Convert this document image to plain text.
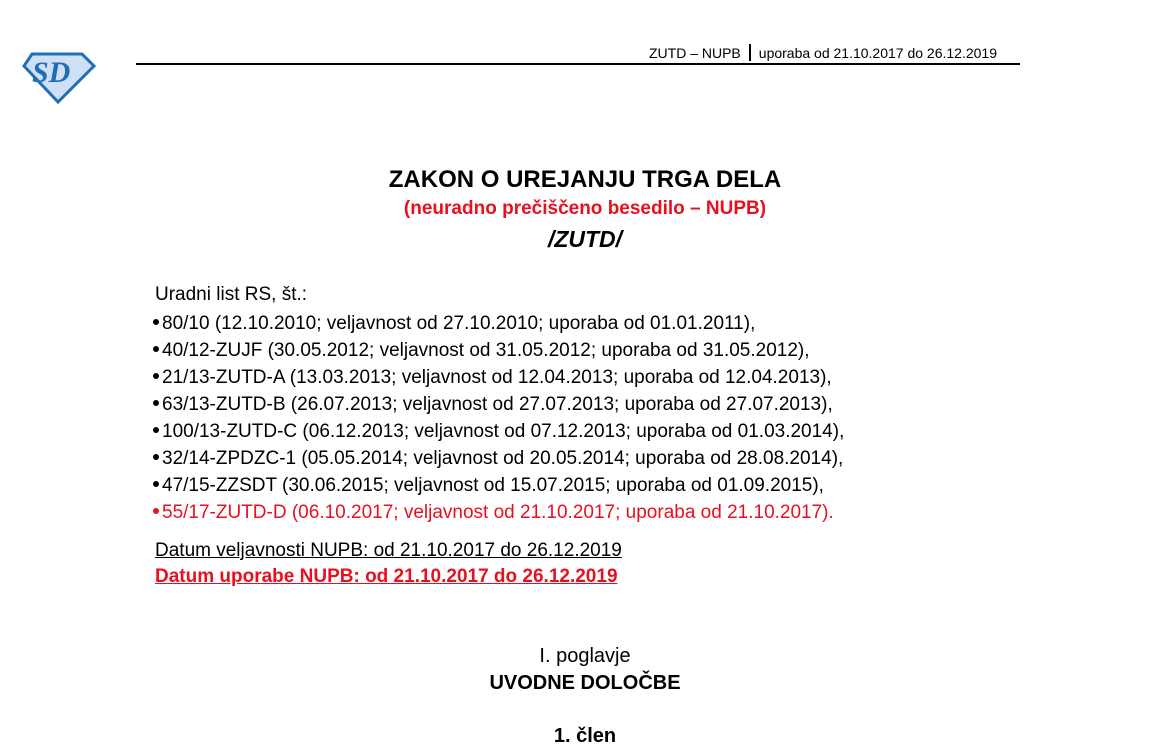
SD
ZUTD – NUPB uporaba od 21.10.2017 do 26.12.2019
ZAKON O UREJANJU TRGA DELA
(neuradno prečiščeno besedilo – NUPB)
/ZUTD/
Uradni list RS, št.:
80/10 (12.10.2010; veljavnost od 27.10.2010; uporaba od 01.01.2011),
40/12-ZUJF (30.05.2012; veljavnost od 31.05.2012; uporaba od 31.05.2012),
21/13-ZUTD-A (13.03.2013; veljavnost od 12.04.2013; uporaba od 12.04.2013),
63/13-ZUTD-B (26.07.2013; veljavnost od 27.07.2013; uporaba od 27.07.2013),
100/13-ZUTD-C (06.12.2013; veljavnost od 07.12.2013; uporaba od 01.03.2014),
32/14-ZPDZC-1 (05.05.2014; veljavnost od 20.05.2014; uporaba od 28.08.2014),
47/15-ZZSDT (30.06.2015; veljavnost od 15.07.2015; uporaba od 01.09.2015),
55/17-ZUTD-D (06.10.2017; veljavnost od 21.10.2017; uporaba od 21.10.2017).
Datum veljavnosti NUPB: od 21.10.2017 do 26.12.2019
Datum uporabe NUPB: od 21.10.2017 do 26.12.2019
I. poglavje
UVODNE DOLOČBE
1. člen
